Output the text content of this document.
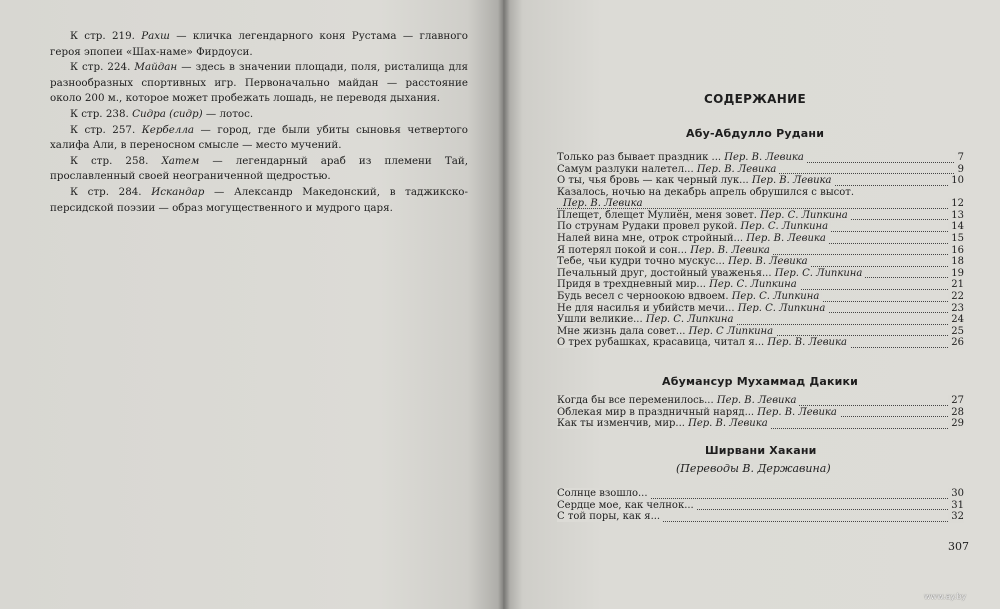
К стр. 219. Рахш — кличка легендарного коня Рустама — главного героя эпопеи «Шах-наме» Фирдоуси.

К стр. 224. Майдан — здесь в значении площади, поля, ристалища для разнообразных спортивных игр. Первоначально майдан — расстояние около 200 м., которое может пробежать лошадь, не переводя дыхания.

К стр. 238. Сидра (сидр) — лотос.

К стр. 257. Кербелла — город, где были убиты сыновья четвертого халифа Али, в переносном смысле — место мучений.

К стр. 258. Хатем — легендарный араб из племени Тай, прославленный своей неограниченной щедростью.

К стр. 284. Искандар — Александр Македонский, в таджикско-персидской поэзии — образ могущественного и мудрого царя.

СОДЕРЖАНИЕ
Абу-Абдулло Рудани
Только раз бывает праздник ... Пер. В. Левика	7
Самум разлуки налетел... Пер. В. Левика	9
О ты, чья бровь — как черный лук... Пер. В. Левика	10
Казалось, ночью на декабрь апрель обрушился с высот.
Пер. В. Левика	12
Плещет, блещет Мулиён, меня зовет. Пер. С. Липкина	13
По струнам Рудаки провел рукой. Пер. С. Липкина	14
Налей вина мне, отрок стройный... Пер. В. Левика	15
Я потерял покой и сон... Пер. В. Левика	16
Тебе, чьи кудри точно мускус... Пер. В. Левика	18
Печальный друг, достойный уваженья... Пер. С. Липкина	19
Придя в трехдневный мир... Пер. С. Липкина	21
Будь весел с черноокою вдвоем. Пер. С. Липкина	22
Не для насилья и убийств мечи... Пер. С. Липкина	23
Ушли великие... Пер. С. Липкина	24
Мне жизнь дала совет... Пер. С Липкина	25
О трех рубашках, красавица, читал я... Пер. В. Левика	26
Абумансур Мухаммад Дакики
Когда бы все переменилось... Пер. В. Левика	27
Облекая мир в праздничный наряд... Пер. В. Левика	28
Как ты изменчив, мир... Пер. В. Левика	29
Ширвани Хакани

(Переводы В. Державина)

Солнце взошло...	30
Сердце мое, как челнок...	31
С той поры, как я...	32

307

www.ay.by
